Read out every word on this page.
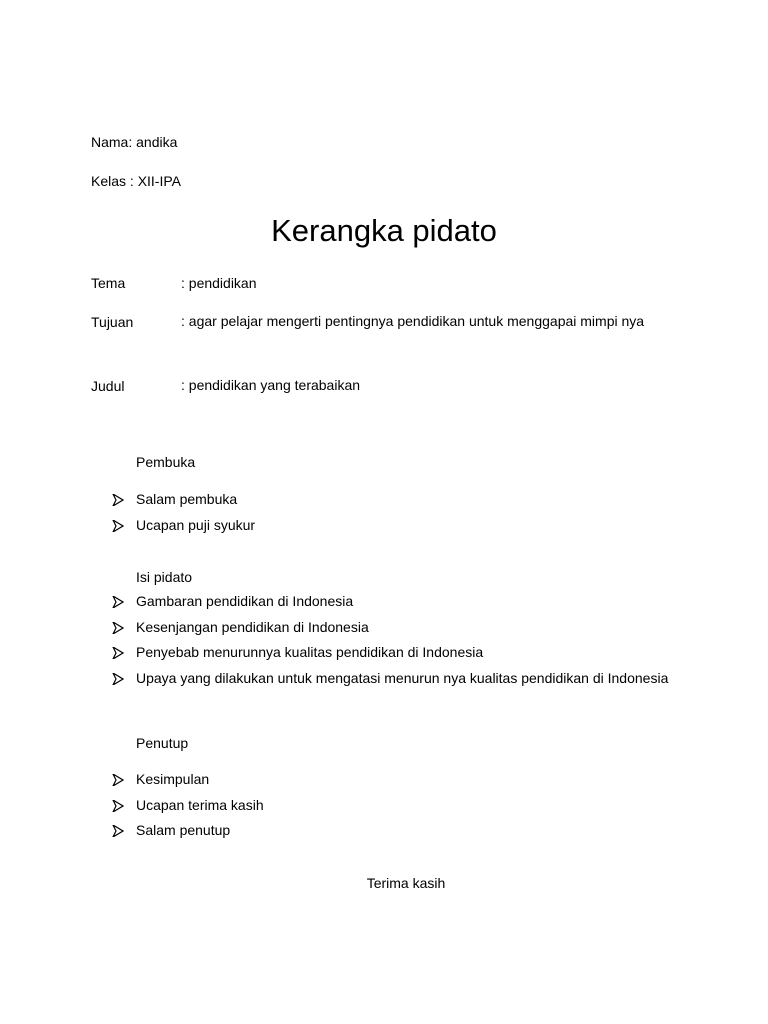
Nama: andika
Kelas : XII-IPA
Kerangka pidato
Tema	: pendidikan
Tujuan	: agar pelajar mengerti pentingnya pendidikan untuk menggapai mimpi nya
Judul	: pendidikan yang terabaikan
Pembuka
Salam pembuka
Ucapan puji syukur
Isi pidato
Gambaran pendidikan di Indonesia
Kesenjangan pendidikan di Indonesia
Penyebab menurunnya kualitas pendidikan di Indonesia
Upaya yang dilakukan untuk mengatasi menurun nya kualitas pendidikan di Indonesia
Penutup
Kesimpulan
Ucapan terima kasih
Salam penutup
Terima kasih
